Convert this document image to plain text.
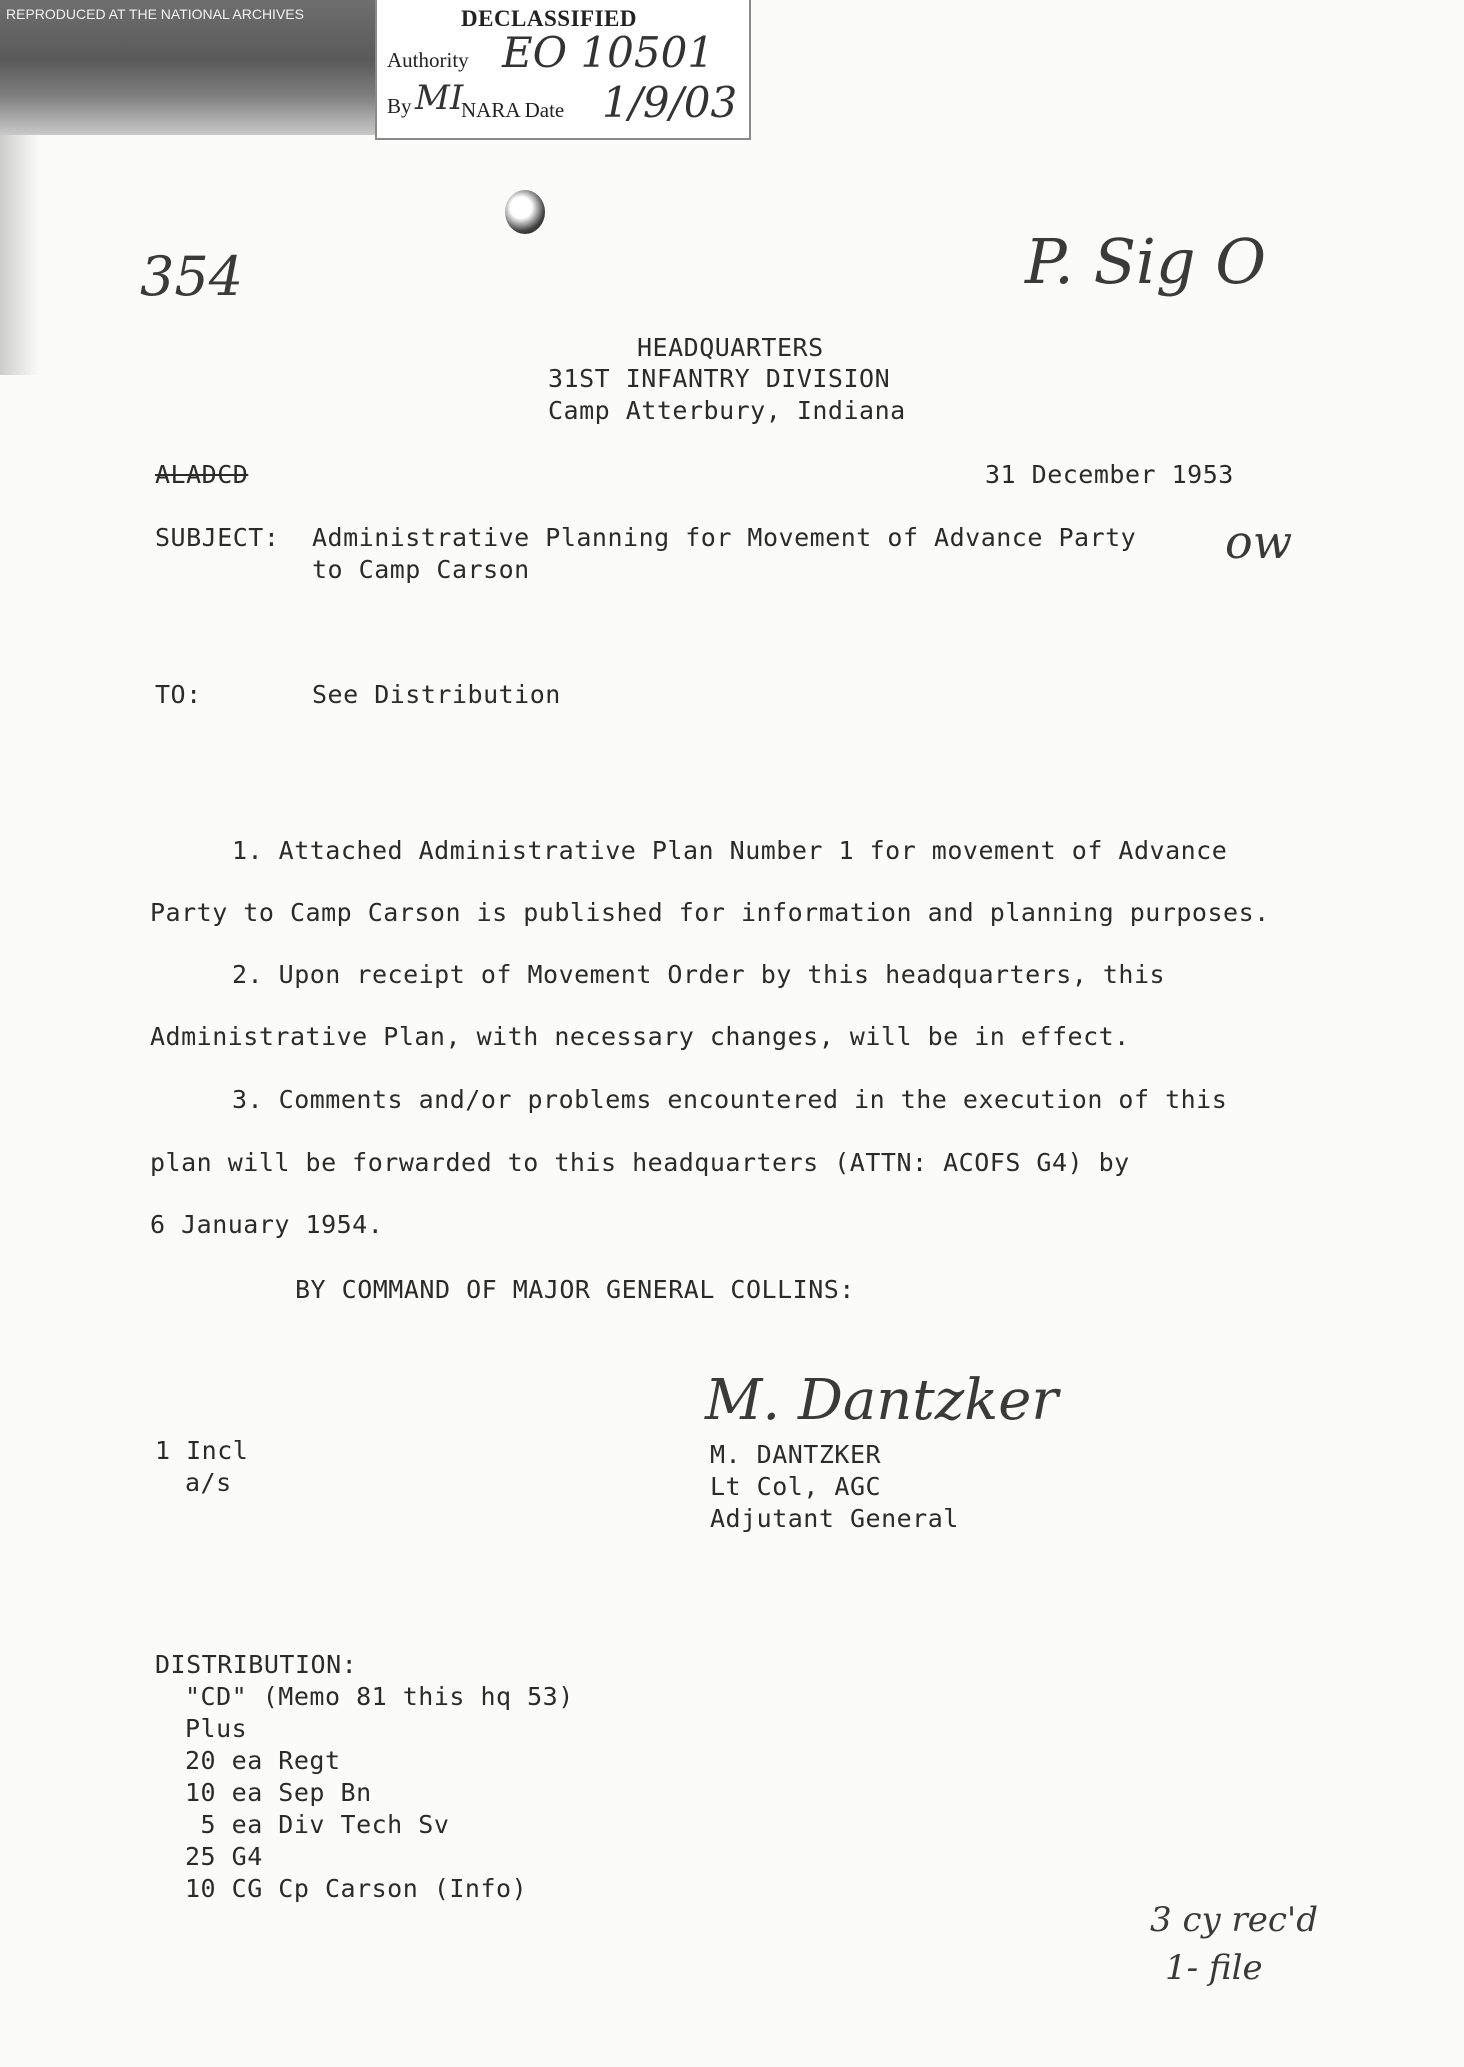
REPRODUCED AT THE NATIONAL ARCHIVES	DECLASSIFIED
Authority EO 10501
By MI
NARA Date 1/9/03
354	P. Sig O
ow
3 cy rec'd
1- file
HEADQUARTERS
31ST INFANTRY DIVISION
Camp Atterbury, Indiana
ALADCD	31 December 1953
SUBJECT: Administrative Planning for Movement of Advance Party
to Camp Carson
TO:	See Distribution
1. Attached Administrative Plan Number 1 for movement of Advance
Party to Camp Carson is published for information and planning purposes.
2. Upon receipt of Movement Order by this headquarters, this
Administrative Plan, with necessary changes, will be in effect.
3. Comments and/or problems encountered in the execution of this
plan will be forwarded to this headquarters (ATTN: ACOFS G4) by
6 January 1954.
BY COMMAND OF MAJOR GENERAL COLLINS:
M. Dantzker
M. DANTZKER
Lt Col, AGC
Adjutant General
1 Incl
a/s
DISTRIBUTION:
"CD" (Memo 81 this hq 53)
Plus
20 ea Regt
10 ea Sep Bn
5 ea Div Tech Sv
25 G4
10 CG Cp Carson (Info)
